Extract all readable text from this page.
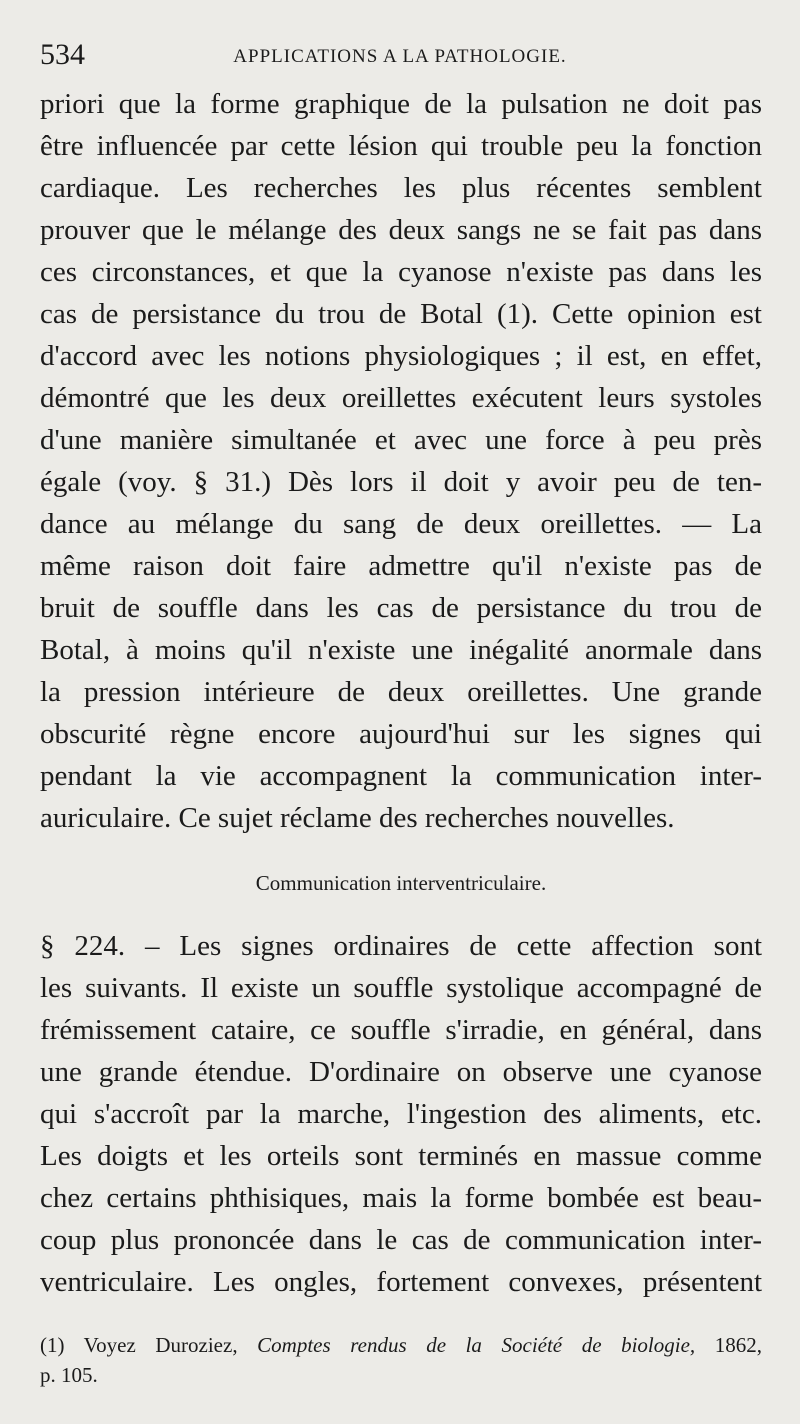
534	APPLICATIONS A LA PATHOLOGIE.
priori que la forme graphique de la pulsation ne doit pas
être influencée par cette lésion qui trouble peu la fonction
cardiaque. Les recherches les plus récentes semblent
prouver que le mélange des deux sangs ne se fait pas dans
ces circonstances, et que la cyanose n'existe pas dans les
cas de persistance du trou de Botal (1). Cette opinion est
d'accord avec les notions physiologiques ; il est, en effet,
démontré que les deux oreillettes exécutent leurs systoles
d'une manière simultanée et avec une force à peu près
égale (voy. § 31.) Dès lors il doit y avoir peu de ten-
dance au mélange du sang de deux oreillettes. — La
même raison doit faire admettre qu'il n'existe pas de
bruit de souffle dans les cas de persistance du trou de
Botal, à moins qu'il n'existe une inégalité anormale dans
la pression intérieure de deux oreillettes. Une grande
obscurité règne encore aujourd'hui sur les signes qui
pendant la vie accompagnent la communication inter-
auriculaire. Ce sujet réclame des recherches nouvelles.
Communication interventriculaire.
§ 224. – Les signes ordinaires de cette affection sont
les suivants. Il existe un souffle systolique accompagné de
frémissement cataire, ce souffle s'irradie, en général, dans
une grande étendue. D'ordinaire on observe une cyanose
qui s'accroît par la marche, l'ingestion des aliments, etc.
Les doigts et les orteils sont terminés en massue comme
chez certains phthisiques, mais la forme bombée est beau-
coup plus prononcée dans le cas de communication inter-
ventriculaire. Les ongles, fortement convexes, présentent
(1) Voyez Duroziez, Comptes rendus de la Société de biologie, 1862,
p. 105.
